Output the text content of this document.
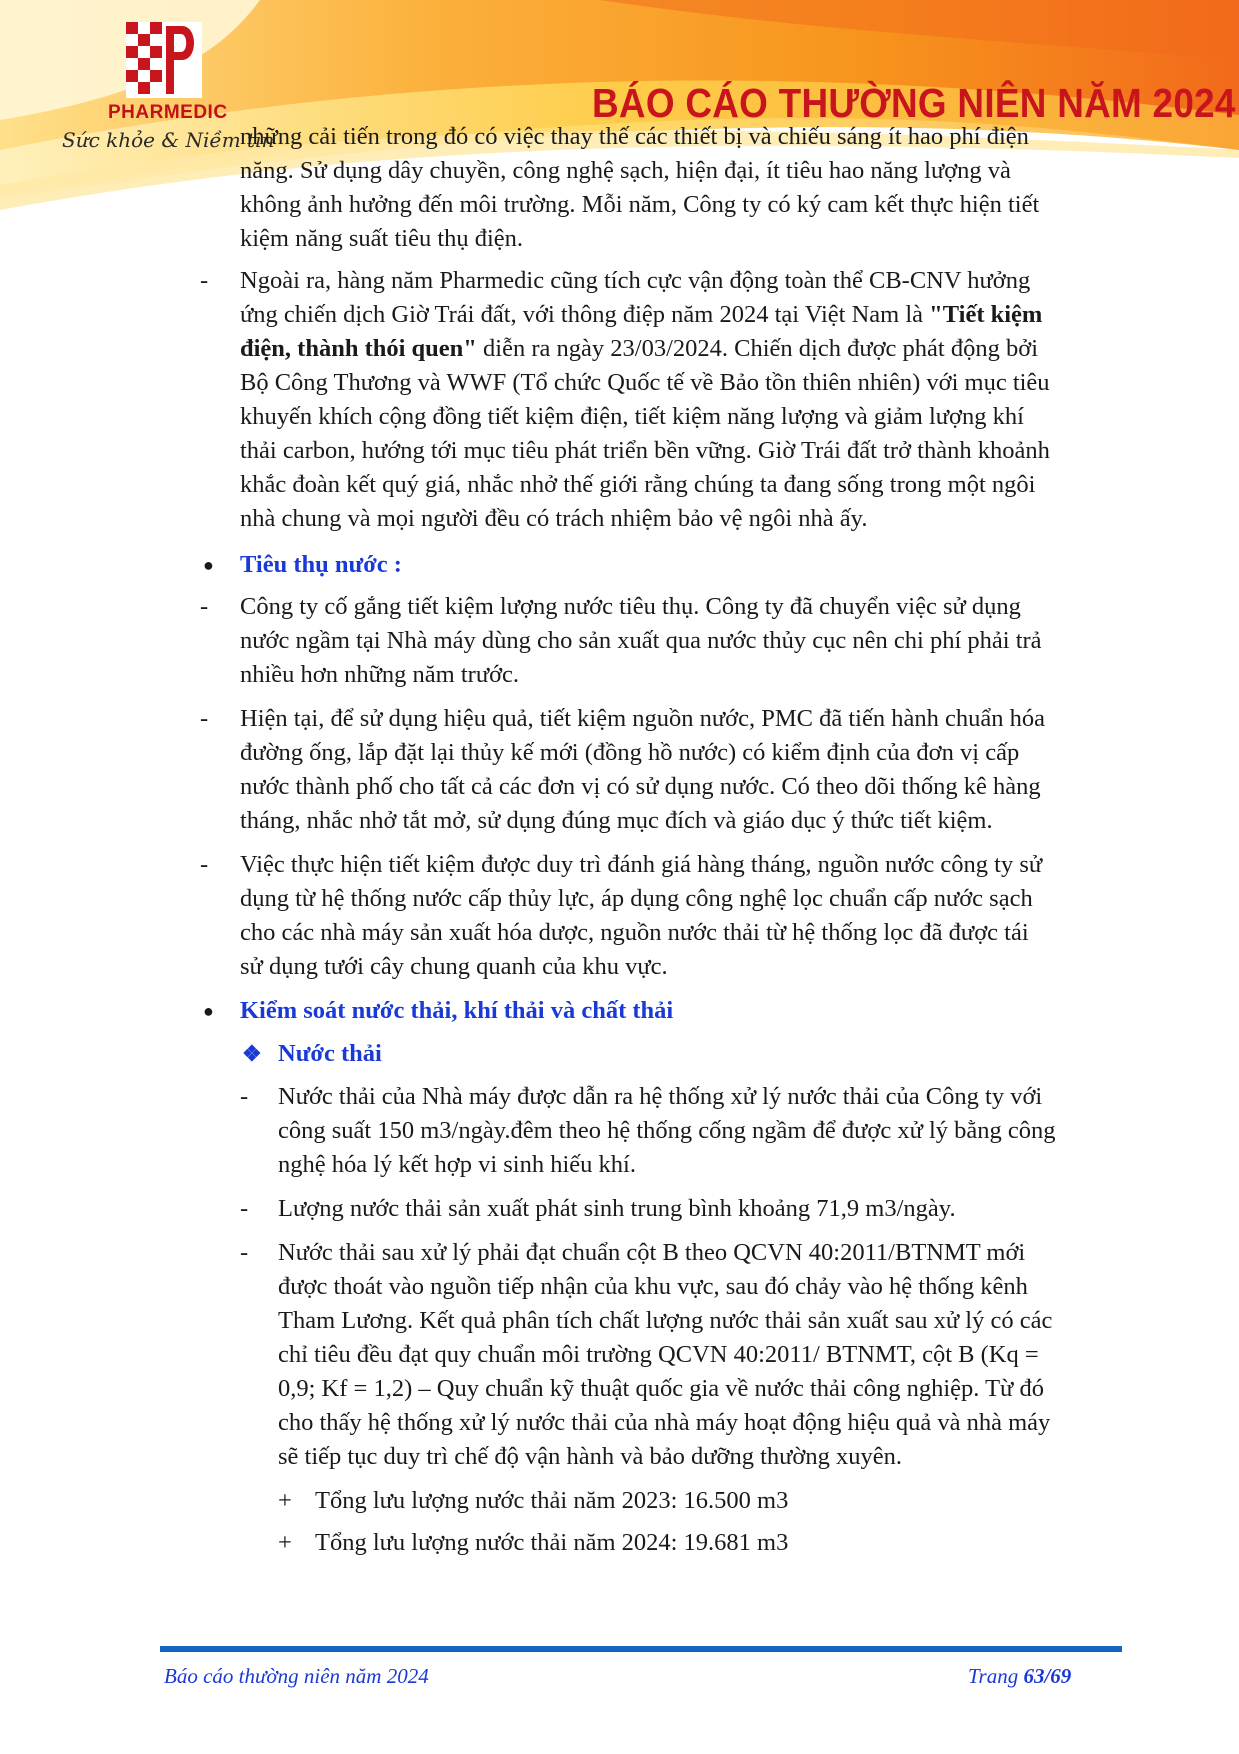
PHARMEDIC
Sức khỏe & Niềm tin
BÁO CÁO THƯỜNG NIÊN NĂM 2024
những cải tiến trong đó có việc thay thế các thiết bị và chiếu sáng ít hao phí điện
năng. Sử dụng dây chuyền, công nghệ sạch, hiện đại, ít tiêu hao năng lượng và
không ảnh hưởng đến môi trường. Mỗi năm, Công ty có ký cam kết thực hiện tiết
kiệm năng suất tiêu thụ điện.
- Ngoài ra, hàng năm Pharmedic cũng tích cực vận động toàn thể CB-CNV hưởng
ứng chiến dịch Giờ Trái đất, với thông điệp năm 2024 tại Việt Nam là "Tiết kiệm
điện, thành thói quen" diễn ra ngày 23/03/2024. Chiến dịch được phát động bởi
Bộ Công Thương và WWF (Tổ chức Quốc tế về Bảo tồn thiên nhiên) với mục tiêu
khuyến khích cộng đồng tiết kiệm điện, tiết kiệm năng lượng và giảm lượng khí
thải carbon, hướng tới mục tiêu phát triển bền vững. Giờ Trái đất trở thành khoảnh
khắc đoàn kết quý giá, nhắc nhở thế giới rằng chúng ta đang sống trong một ngôi
nhà chung và mọi người đều có trách nhiệm bảo vệ ngôi nhà ấy.
● Tiêu thụ nước :
- Công ty cố gắng tiết kiệm lượng nước tiêu thụ. Công ty đã chuyển việc sử dụng
nước ngầm tại Nhà máy dùng cho sản xuất qua nước thủy cục nên chi phí phải trả
nhiều hơn những năm trước.
- Hiện tại, để sử dụng hiệu quả, tiết kiệm nguồn nước, PMC đã tiến hành chuẩn hóa
đường ống, lắp đặt lại thủy kế mới (đồng hồ nước) có kiểm định của đơn vị cấp
nước thành phố cho tất cả các đơn vị có sử dụng nước. Có theo dõi thống kê hàng
tháng, nhắc nhở tắt mở, sử dụng đúng mục đích và giáo dục ý thức tiết kiệm.
- Việc thực hiện tiết kiệm được duy trì đánh giá hàng tháng, nguồn nước công ty sử
dụng từ hệ thống nước cấp thủy lực, áp dụng công nghệ lọc chuẩn cấp nước sạch
cho các nhà máy sản xuất hóa dược, nguồn nước thải từ hệ thống lọc đã được tái
sử dụng tưới cây chung quanh của khu vực.
● Kiểm soát nước thải, khí thải và chất thải
❖ Nước thải
- Nước thải của Nhà máy được dẫn ra hệ thống xử lý nước thải của Công ty với
công suất 150 m3/ngày.đêm theo hệ thống cống ngầm để được xử lý bằng công
nghệ hóa lý kết hợp vi sinh hiếu khí.
- Lượng nước thải sản xuất phát sinh trung bình khoảng 71,9 m3/ngày.
- Nước thải sau xử lý phải đạt chuẩn cột B theo QCVN 40:2011/BTNMT mới
được thoát vào nguồn tiếp nhận của khu vực, sau đó chảy vào hệ thống kênh
Tham Lương. Kết quả phân tích chất lượng nước thải sản xuất sau xử lý có các
chỉ tiêu đều đạt quy chuẩn môi trường QCVN 40:2011/ BTNMT, cột B (Kq =
0,9; Kf = 1,2) – Quy chuẩn kỹ thuật quốc gia về nước thải công nghiệp. Từ đó
cho thấy hệ thống xử lý nước thải của nhà máy hoạt động hiệu quả và nhà máy
sẽ tiếp tục duy trì chế độ vận hành và bảo dưỡng thường xuyên.
+ Tổng lưu lượng nước thải năm 2023: 16.500 m3
+ Tổng lưu lượng nước thải năm 2024: 19.681 m3
Báo cáo thường niên năm 2024	Trang 63/69
